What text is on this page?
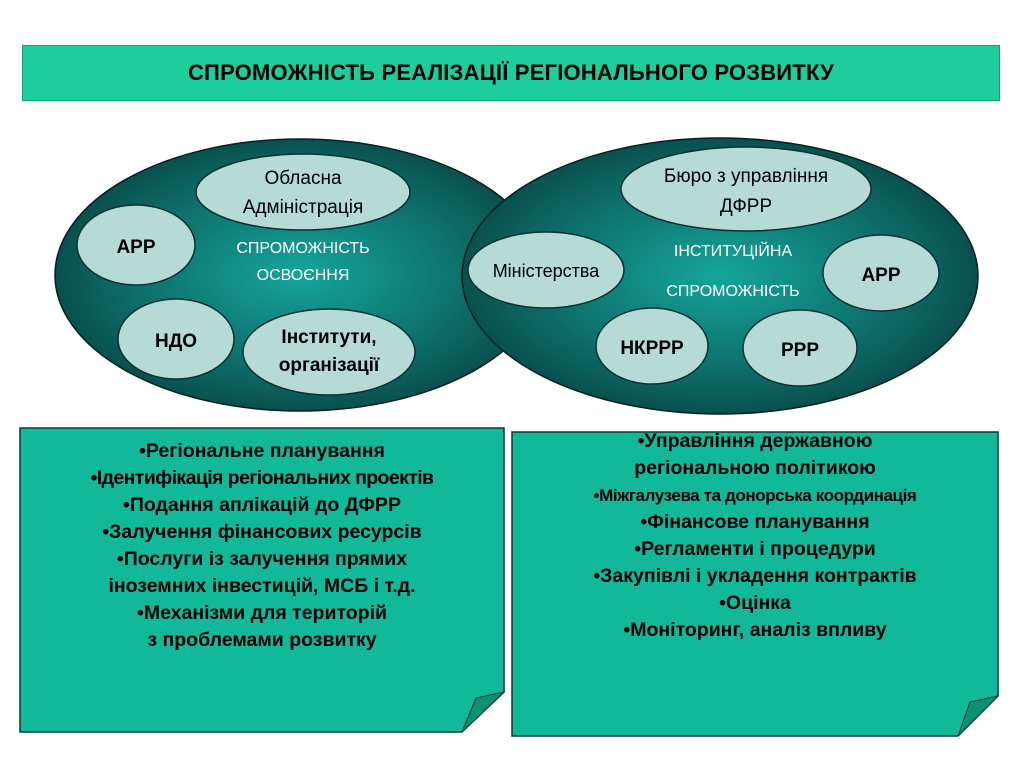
СПРОМОЖНІСТЬ РЕАЛІЗАЦІЇ РЕГІОНАЛЬНОГО РОЗВИТКУ
Обласна
Адміністрація
АРР
НДО	Інститути,
організації
Бюро з управління
ДФРР
Міністерства	АРР
НКРРР	РРР
СПРОМОЖНІСТЬ
ОСВОЄННЯ
ІНСТИТУЦІЙНА
СПРОМОЖНІСТЬ
•Регіональне планування
•Ідентифікація регіональних проектів
•Подання аплікацій до ДФРР
•Залучення фінансових ресурсів
•Послуги із залучення прямих
іноземних інвестицій, МСБ і т.д.
•Механізми для територій
з проблемами розвитку
•Управління державною
регіональною політикою
•Міжгалузева та донорська координація
•Фінансове планування
•Регламенти і процедури
•Закупівлі і укладення контрактів
•Оцінка
•Моніторинг, аналіз впливу
